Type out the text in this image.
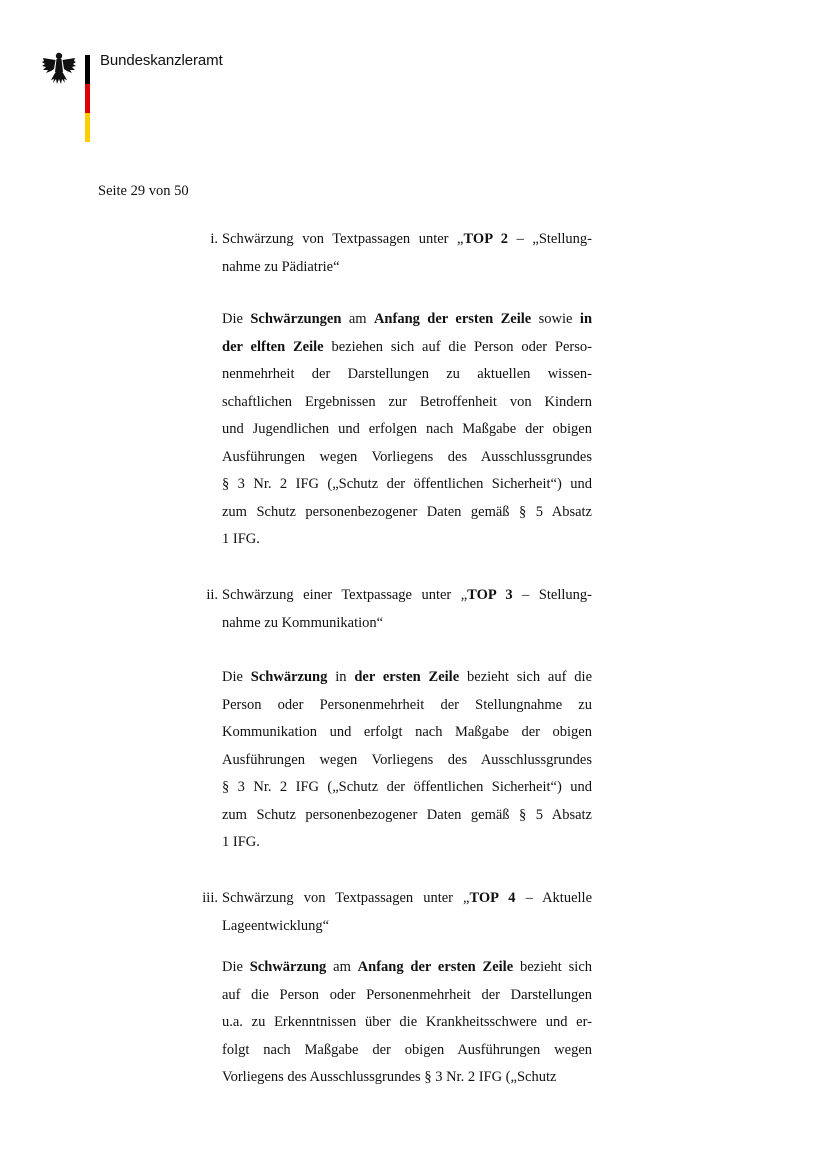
Bundeskanzleramt
Seite 29 von 50
i. Schwärzung von Textpassagen unter „TOP 2 – „Stellung-
nahme zu Pädiatrie“
Die Schwärzungen am Anfang der ersten Zeile sowie in
der elften Zeile beziehen sich auf die Person oder Perso-
nenmehrheit der Darstellungen zu aktuellen wissen-
schaftlichen Ergebnissen zur Betroffenheit von Kindern
und Jugendlichen und erfolgen nach Maßgabe der obigen
Ausführungen wegen Vorliegens des Ausschlussgrundes
§ 3 Nr. 2 IFG („Schutz der öffentlichen Sicherheit“) und
zum Schutz personenbezogener Daten gemäß § 5 Absatz
1 IFG.
ii. Schwärzung einer Textpassage unter „TOP 3 – Stellung-
nahme zu Kommunikation“
Die Schwärzung in der ersten Zeile bezieht sich auf die
Person oder Personenmehrheit der Stellungnahme zu
Kommunikation und erfolgt nach Maßgabe der obigen
Ausführungen wegen Vorliegens des Ausschlussgrundes
§ 3 Nr. 2 IFG („Schutz der öffentlichen Sicherheit“) und
zum Schutz personenbezogener Daten gemäß § 5 Absatz
1 IFG.
iii. Schwärzung von Textpassagen unter „TOP 4 – Aktuelle
Lageentwicklung“
Die Schwärzung am Anfang der ersten Zeile bezieht sich
auf die Person oder Personenmehrheit der Darstellungen
u.a. zu Erkenntnissen über die Krankheitsschwere und er-
folgt nach Maßgabe der obigen Ausführungen wegen
Vorliegens des Ausschlussgrundes § 3 Nr. 2 IFG („Schutz
